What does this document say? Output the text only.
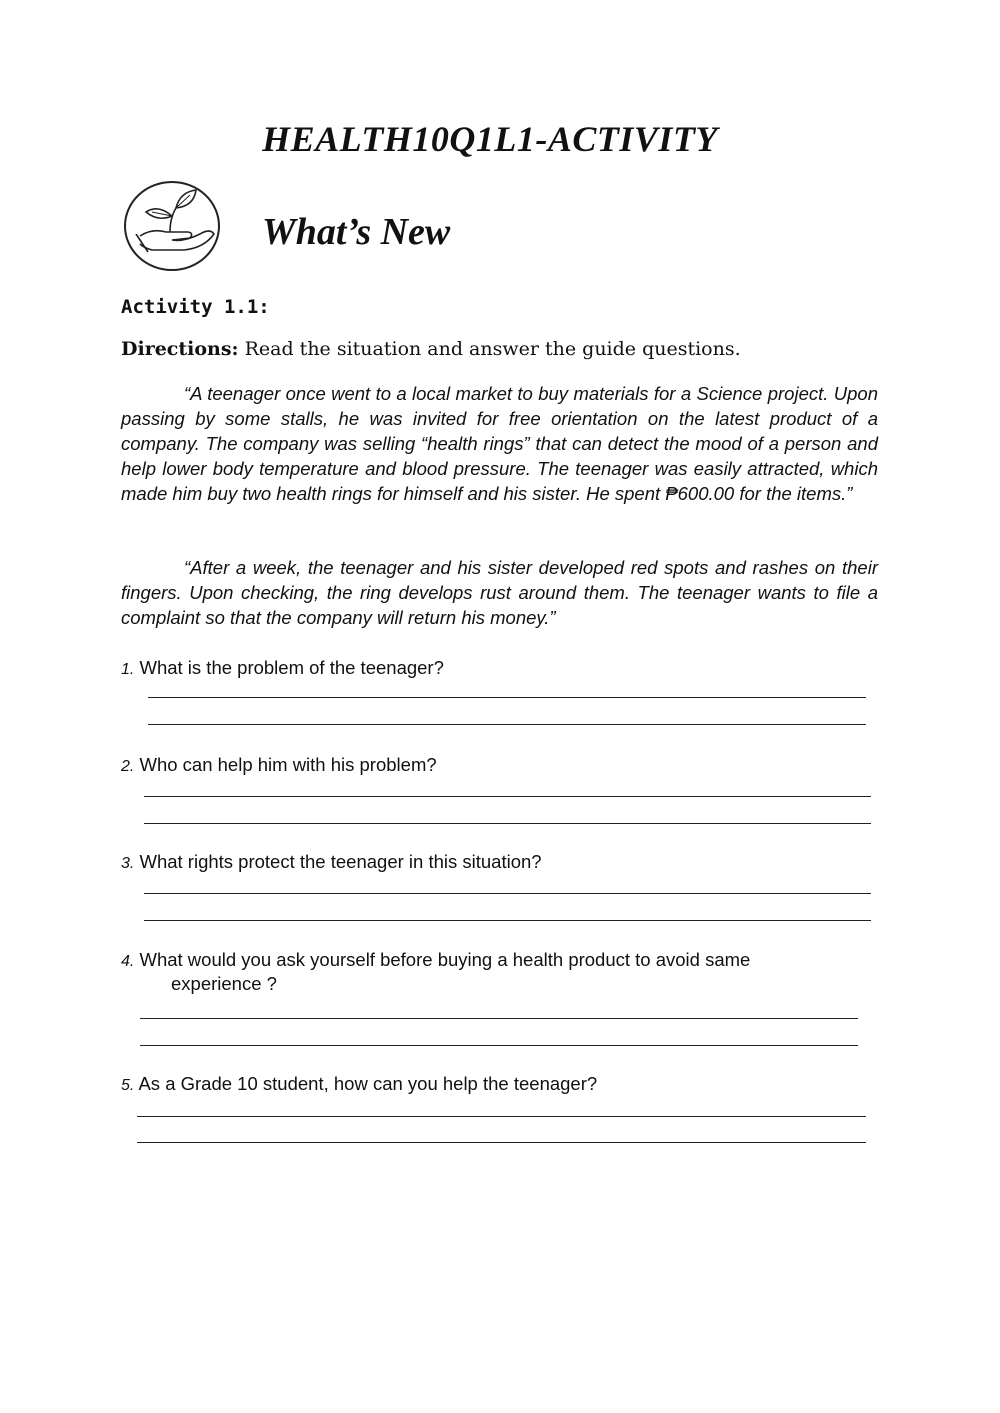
HEALTH10Q1L1-ACTIVITY
What’s New
Activity 1.1:
Directions: Read the situation and answer the guide questions.

“A teenager once went to a local market to buy materials for a Science project. Upon passing by some stalls, he was invited for free orientation on the latest product of a company. The company was selling “health rings” that can detect the mood of a person and help lower body temperature and blood pressure. The teenager was easily attracted, which made him buy two health rings for himself and his sister. He spent ₱600.00 for the items.”

“After a week, the teenager and his sister developed red spots and rashes on their fingers. Upon checking, the ring develops rust around them. The teenager wants to file a complaint so that the company will return his money.”

1. What is the problem of the teenager?
2. Who can help him with his problem?
3. What rights protect the teenager in this situation?
4. What would you ask yourself before buying a health product to avoid same
experience ?
5. As a Grade 10 student, how can you help the teenager?
